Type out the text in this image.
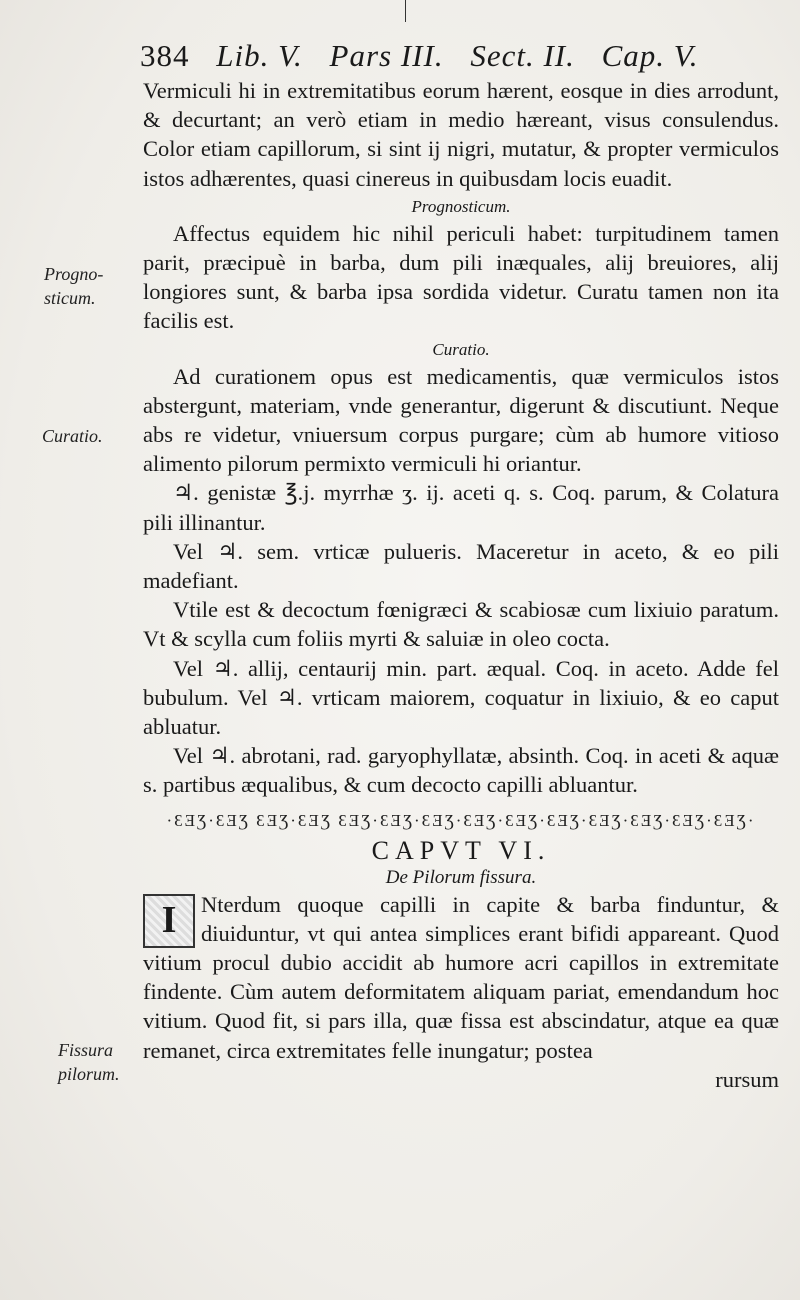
384 Lib. V. Pars III. Sect. II. Cap. V.
Progno-
sticum.
Curatio.
Fissura
pilorum.

Vermiculi hi in extremitatibus eorum hærent, eosque in dies arrodunt, & decurtant; an verò etiam in medio hæreant, visus consulendus. Color etiam capillorum, si sint ij nigri, mutatur, & propter vermiculos istos adhærentes, quasi cinereus in quibusdam locis euadit.

Prognosticum.

Affectus equidem hic nihil periculi habet: turpitudinem tamen parit, præcipuè in barba, dum pili inæquales, alij breuiores, alij longiores sunt, & barba ipsa sordida videtur. Curatu tamen non ita facilis est.

Curatio.

Ad curationem opus est medicamentis, quæ vermiculos istos abstergunt, materiam, vnde generantur, digerunt & discutiunt. Neque abs re videtur, vniuersum corpus purgare; cùm ab humore vitioso alimento pilorum permixto vermiculi hi oriantur.

♃. genistæ ℥.j. myrrhæ ʒ. ij. aceti q. s. Coq. parum, & Colatura pili illinantur.

Vel ♃. sem. vrticæ pulueris. Maceretur in aceto, & eo pili madefiant.

Vtile est & decoctum fœnigræci & scabiosæ cum lixiuio paratum. Vt & scylla cum foliis myrti & saluiæ in oleo cocta.

Vel ♃. allij, centaurij min. part. æqual. Coq. in aceto. Adde fel bubulum. Vel ♃. vrticam maiorem, coquatur in lixiuio, & eo caput abluatur.

Vel ♃. abrotani, rad. garyophyllatæ, absinth. Coq. in aceti & aquæ s. partibus æqualibus, & cum decocto capilli abluantur.

·ƐƎƷ·ƐƎƷ ƐƎƷ·ƐƎƷ ƐƎƷ·ƐƎƷ·ƐƎƷ·ƐƎƷ·ƐƎƷ·ƐƎƷ·ƐƎƷ·ƐƎƷ·ƐƎƷ·ƐƎƷ·

CAPVT VI.

De Pilorum fissura.

I	Nterdum quoque capilli in capite & barba finduntur, & diuiduntur, vt qui antea simplices erant bifidi appareant. Quod vitium procul dubio accidit ab humore acri capillos in extremitate findente. Cùm autem deformitatem aliquam pariat, emendandum hoc vitium. Quod fit, si pars illa, quæ fissa est abscindatur, atque ea quæ remanet, circa extremitates felle inungatur; postea

rursum
